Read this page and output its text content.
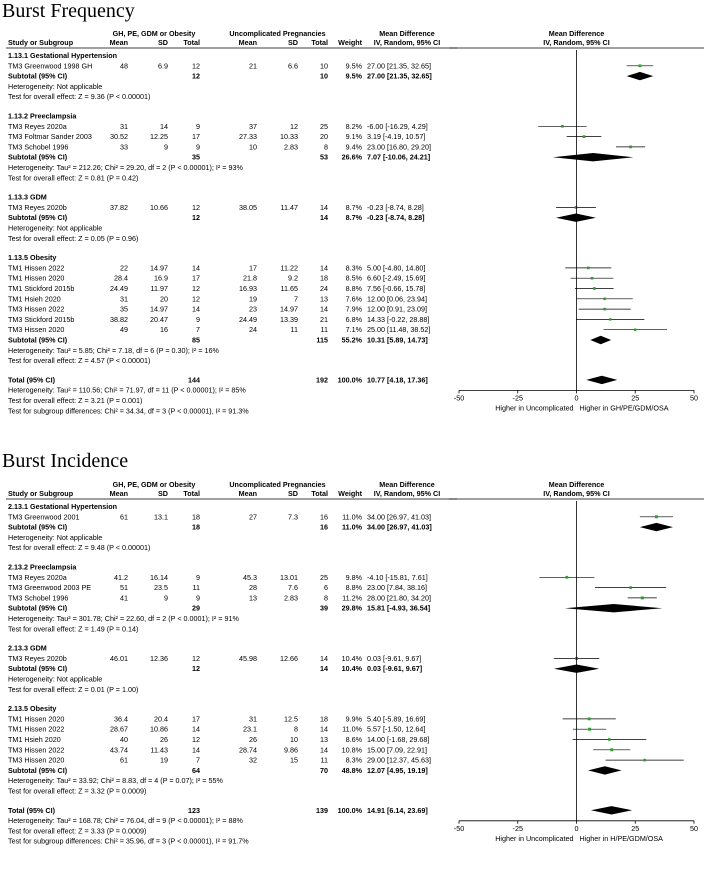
Burst Frequency
GH, PE, GDM or Obesity	Uncomplicated Pregnancies	Mean Difference	Mean Difference
Study or Subgroup	Mean	SD Total	Mean	SD Total Weight IV, Random, 95% CI	IV, Random, 95% CI
1.13.1 Gestational Hypertension
TM3 Greenwood 1998 GH	48	6.9	12	21	6.6	10 9.5% 27.00 [21.35, 32.65]
Subtotal (95% CI)	12	10 9.5% 27.00 [21.35, 32.65]
Heterogeneity: Not applicable
Test for overall effect: Z = 9.36 (P < 0.00001)
1.13.2 Preeclampsia
TM3 Reyes 2020a	31	14	9	37	12	25 8.2% -6.00 [-16.29, 4.29]
TM3 Foltmar Sander 2003	30.52	12.25	17	27.33	10.33	20 9.1% 3.19 [-4.19, 10.57]
TM3 Schobel 1996	33	9	9	10	2.83	8 9.4% 23.00 [16.80, 29.20]
Subtotal (95% CI)	35	53 26.6% 7.07 [-10.06, 24.21]
Heterogeneity: Tau² = 212.26; Chi² = 29.20, df = 2 (P < 0.00001); I² = 93%
Test for overall effect: Z = 0.81 (P = 0.42)
1.13.3 GDM
TM3 Reyes 2020b	37.82	10.66	12	38.05	11.47	14 8.7% -0.23 [-8.74, 8.28]
Subtotal (95% CI)	12	14 8.7% -0.23 [-8.74, 8.28]
Heterogeneity: Not applicable
Test for overall effect: Z = 0.05 (P = 0.96)
1.13.5 Obesity
TM1 Hissen 2022	22	14.97	14	17	11.22	14 8.3% 5.00 [-4.80, 14.80]
TM1 Hissen 2020	28.4	16.9	17	21.8	9.2	18 8.5% 6.60 [-2.49, 15.69]
TM1 Stickford 2015b	24.49	11.97	12	16.93	11.65	24 8.8% 7.56 [-0.66, 15.78]
TM1 Hsieh 2020	31	20	12	19	7	13 7.6% 12.00 [0.06, 23.94]
TM3 Hissen 2022	35	14.97	14	23	14.97	14 7.9% 12.00 [0.91, 23.09]
TM3 Stickford 2015b	38.82	20.47	9	24.49	13.39	21 6.8% 14.33 [-0.22, 28.88]
TM3 Hissen 2020	49	16	7	24	11	11 7.1% 25.00 [11.48, 38.52]
Subtotal (95% CI)	85	115 55.2% 10.31 [5.89, 14.73]
Heterogeneity: Tau² = 5.85; Chi² = 7.18, df = 6 (P = 0.30); I² = 16%
Test for overall effect: Z = 4.57 (P < 0.00001)
Total (95% CI)	144	192 100.0% 10.77 [4.18, 17.36]
Heterogeneity: Tau² = 110.56; Chi² = 71.97, df = 11 (P < 0.00001); I² = 85%
Test for overall effect: Z = 3.21 (P = 0.001)
Test for subgroup differences: Chi² = 34.34, df = 3 (P < 0.00001), I² = 91.3%
-50	-25	0	25	50
Higher in Uncomplicated Higher in GH/PE/GDM/OSA
Burst Incidence
GH, PE, GDM or Obesity	Uncomplicated Pregnancies	Mean Difference	Mean Difference
Study or Subgroup	Mean	SD Total	Mean	SD Total Weight IV, Random, 95% CI	IV, Random, 95% CI
2.13.1 Gestational Hypertension
TM3 Greenwood 2001	61	13.1	18	27	7.3	16 11.0% 34.00 [26.97, 41.03]
Subtotal (95% CI)	18	16 11.0% 34.00 [26.97, 41.03]
Heterogeneity: Not applicable
Test for overall effect: Z = 9.48 (P < 0.00001)
2.13.2 Preeclampsia
TM3 Reyes 2020a	41.2	16.14	9	45.3	13.01	25 9.8% -4.10 [-15.81, 7.61]
TM3 Greenwood 2003 PE	51	23.5	11	28	7.6	6 8.8% 23.00 [7.84, 38.16]
TM3 Schobel 1996	41	9	9	13	2.83	8 11.2% 28.00 [21.80, 34.20]
Subtotal (95% CI)	29	39 29.8% 15.81 [-4.93, 36.54]
Heterogeneity: Tau² = 301.78; Chi² = 22.60, df = 2 (P < 0.0001); I² = 91%
Test for overall effect: Z = 1.49 (P = 0.14)
2.13.3 GDM
TM3 Reyes 2020b	46.01	12.36	12	45.98	12.66	14 10.4% 0.03 [-9.61, 9.67]
Subtotal (95% CI)	12	14 10.4% 0.03 [-9.61, 9.67]
Heterogeneity: Not applicable
Test for overall effect: Z = 0.01 (P = 1.00)
2.13.5 Obesity
TM1 Hissen 2020	36.4	20.4	17	31	12.5	18 9.9% 5.40 [-5.89, 16.69]
TM1 Hissen 2022	28.67	10.86	14	23.1	8	14 11.0% 5.57 [-1.50, 12.64]
TM1 Hsieh 2020	40	26	12	26	10	13 8.6% 14.00 [-1.68, 29.68]
TM3 Hissen 2022	43.74	11.43	14	28.74	9.86	14 10.8% 15.00 [7.09, 22.91]
TM3 Hissen 2020	61	19	7	32	15	11 8.3% 29.00 [12.37, 45.63]
Subtotal (95% CI)	64	70 48.8% 12.07 [4.95, 19.19]
Heterogeneity: Tau² = 33.92; Chi² = 8.83, df = 4 (P = 0.07); I² = 55%
Test for overall effect: Z = 3.32 (P = 0.0009)
Total (95% CI)	123	139 100.0% 14.91 [6.14, 23.69]
Heterogeneity: Tau² = 168.78; Chi² = 76.04, df = 9 (P < 0.00001); I² = 88%
Test for overall effect: Z = 3.33 (P = 0.0009)
Test for subgroup differences: Chi² = 35.96, df = 3 (P < 0.00001), I² = 91.7%
-50	-25	0	25	50
Higher in Uncomplicated Higher in H/PE/GDM/OSA
